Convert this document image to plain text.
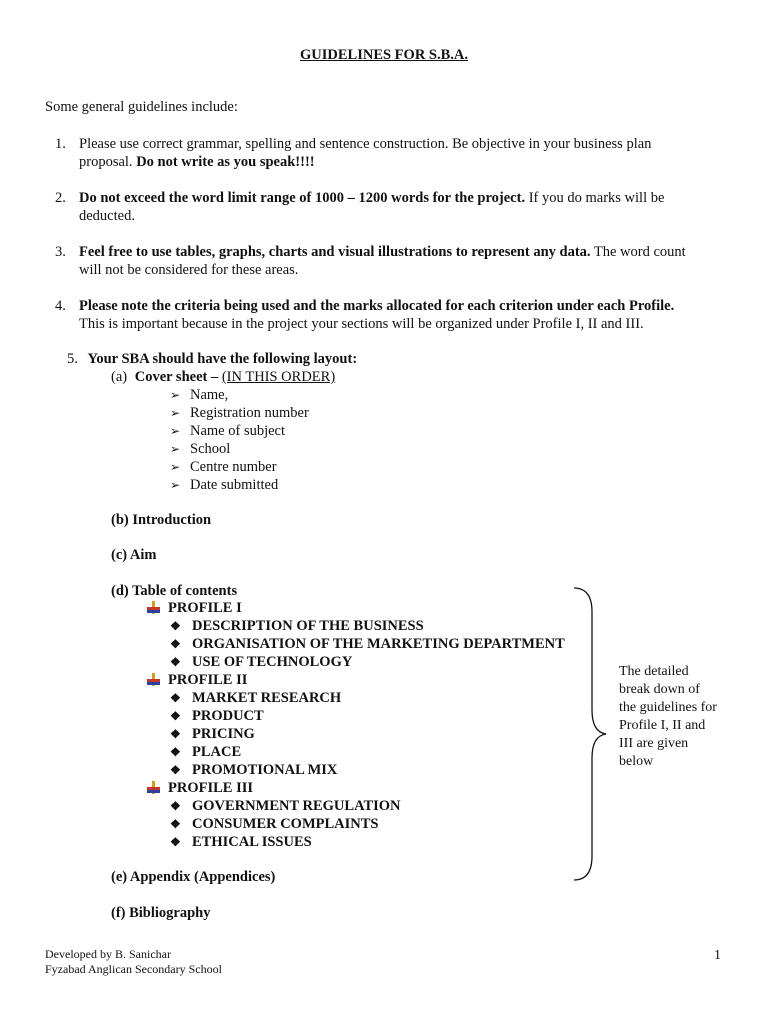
GUIDELINES FOR S.B.A.
Some general guidelines include:
1. Please use correct grammar, spelling and sentence construction. Be objective in your business plan
proposal. Do not write as you speak!!!!
2. Do not exceed the word limit range of 1000 – 1200 words for the project. If you do marks will be
deducted.
3. Feel free to use tables, graphs, charts and visual illustrations to represent any data. The word count
will not be considered for these areas.
4. Please note the criteria being used and the marks allocated for each criterion under each Profile.
This is important because in the project your sections will be organized under Profile I, II and III.
5. Your SBA should have the following layout:
(a) Cover sheet – (IN THIS ORDER)
➢ Name,
➢ Registration number
➢ Name of subject
➢ School
➢ Centre number
➢ Date submitted
(b) Introduction
(c) Aim
(d) Table of contents
PROFILE I
❖ DESCRIPTION OF THE BUSINESS
❖ ORGANISATION OF THE MARKETING DEPARTMENT
❖ USE OF TECHNOLOGY
PROFILE II
❖ MARKET RESEARCH
❖ PRODUCT
❖ PRICING
❖ PLACE
❖ PROMOTIONAL MIX
PROFILE III
❖ GOVERNMENT REGULATION
❖ CONSUMER COMPLAINTS
❖ ETHICAL ISSUES
The detailed
break down of
the guidelines for
Profile I, II and
III are given
below
(e) Appendix (Appendices)
(f) Bibliography
Developed by B. Sanichar
Fyzabad Anglican Secondary School
1
